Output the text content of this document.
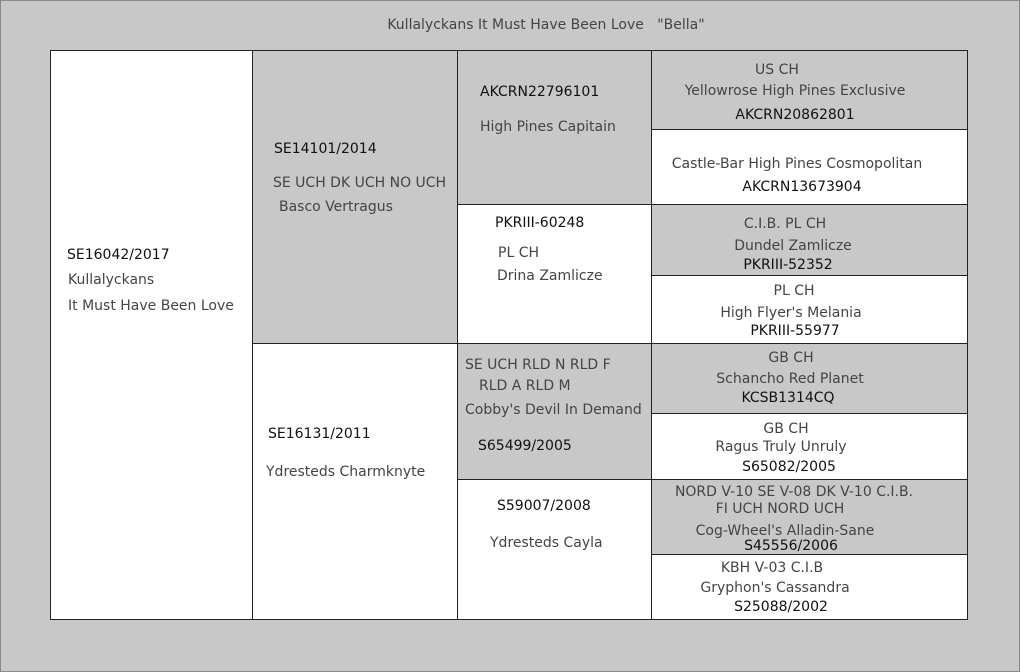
Kullalyckans It Must Have Been Love   "Bella"
SE16042/2017
Kullalyckans
It Must Have Been Love
SE14101/2014
SE UCH DK UCH NO UCH
Basco Vertragus
SE16131/2011
Ydresteds Charmknyte
AKCRN22796101
High Pines Capitain
PKRIII-60248
PL CH
Drina Zamlicze
SE UCH RLD N RLD F
RLD A RLD M
Cobby's Devil In Demand
S65499/2005
S59007/2008
Ydresteds Cayla
US CH
Yellowrose High Pines Exclusive
AKCRN20862801
Castle-Bar High Pines Cosmopolitan
AKCRN13673904
C.I.B. PL CH
Dundel Zamlicze
PKRIII-52352
PL CH
High Flyer's Melania
PKRIII-55977
GB CH
Schancho Red Planet
KCSB1314CQ
GB CH
Ragus Truly Unruly
S65082/2005
NORD V-10 SE V-08 DK V-10 C.I.B.
FI UCH NORD UCH
Cog-Wheel's Alladin-Sane
S45556/2006
KBH V-03 C.I.B
Gryphon's Cassandra
S25088/2002
